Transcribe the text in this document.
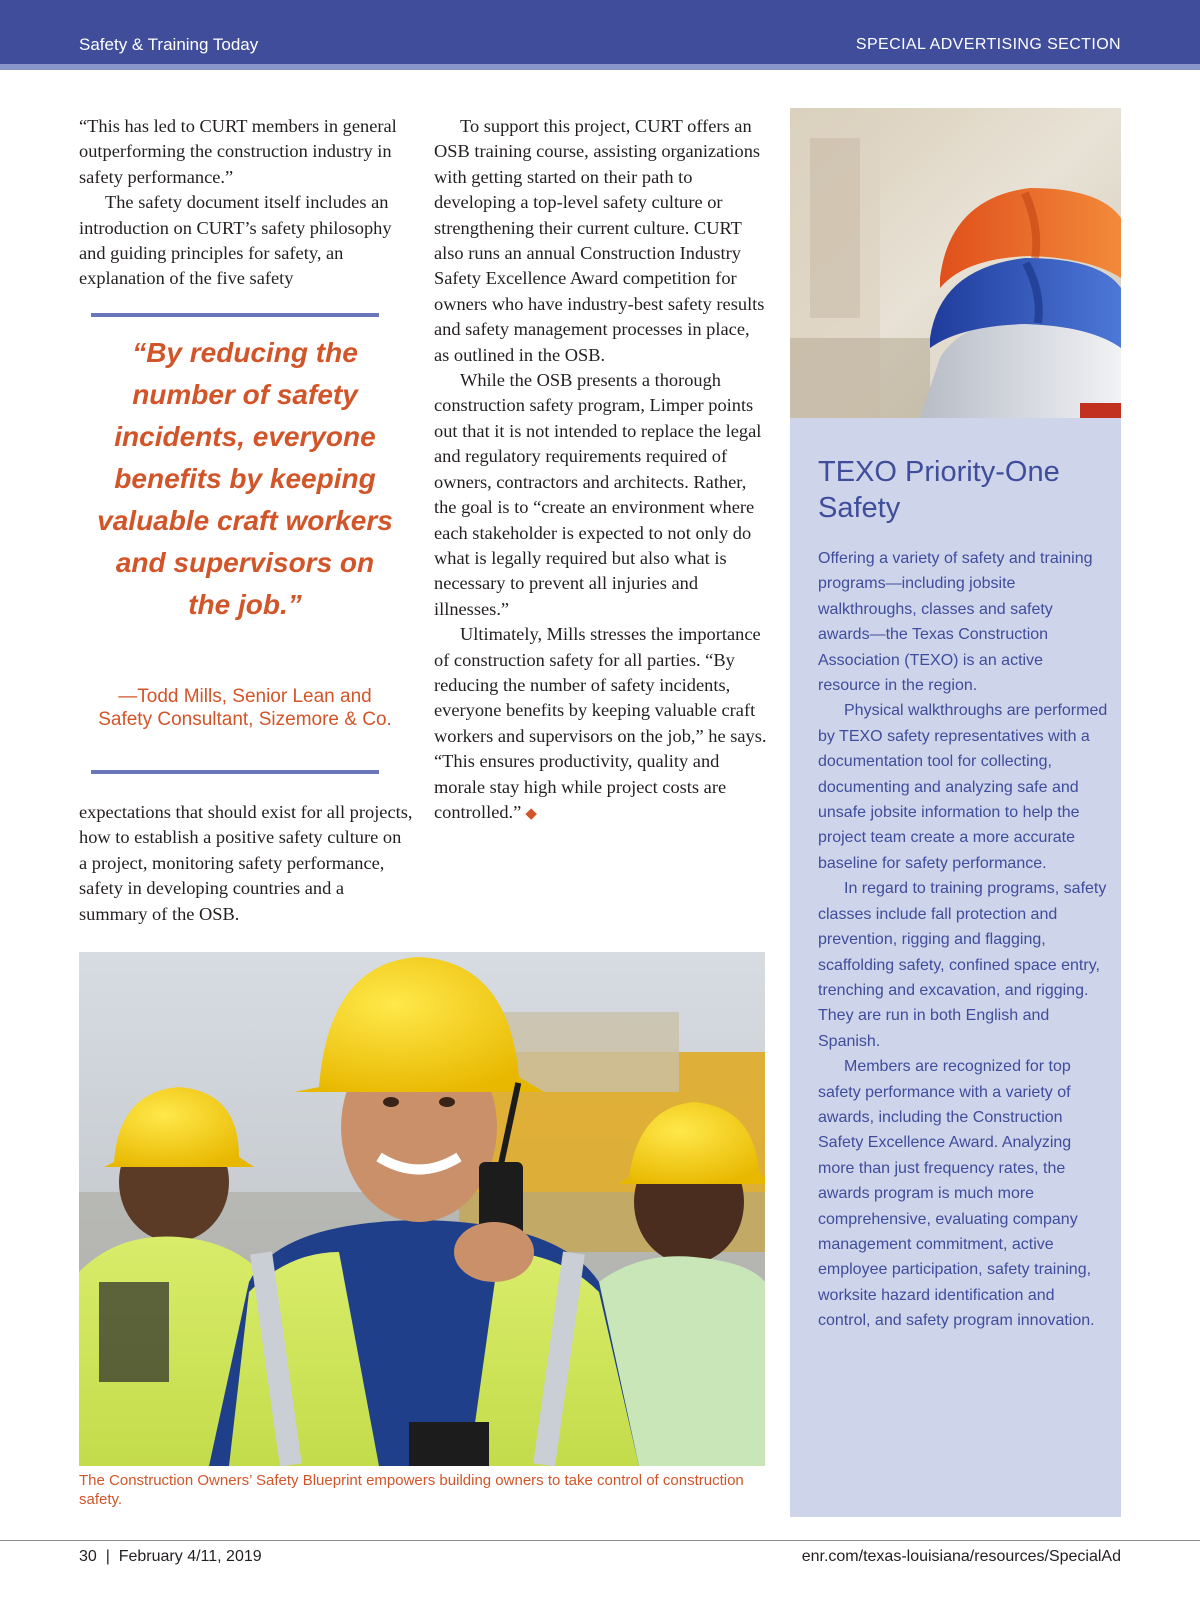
Safety & Training Today	SPECIAL ADVERTISING SECTION

“This has led to CURT members in general outperforming the construction industry in safety performance.”

The safety document itself includes an introduction on CURT’s safety philosophy and guiding principles for safety, an explanation of the five safety

“By reducing the number of safety incidents, everyone benefits by keeping valuable craft workers and supervisors on the job.”
—Todd Mills, Senior Lean and Safety Consultant, Sizemore & Co.

expectations that should exist for all projects, how to establish a positive safety culture on a project, monitoring safety performance, safety in developing countries and a summary of the OSB.

To support this project, CURT offers an OSB training course, assisting organizations with getting started on their path to developing a top-level safety culture or strengthening their current culture. CURT also runs an annual Construction Industry Safety Excellence Award competition for owners who have industry-best safety results and safety management processes in place, as outlined in the OSB.

While the OSB presents a thorough construction safety program, Limper points out that it is not intended to replace the legal and regulatory requirements required of owners, contractors and architects. Rather, the goal is to “create an environment where each stakeholder is expected to not only do what is legally required but also what is necessary to prevent all injuries and illnesses.”

Ultimately, Mills stresses the importance of construction safety for all parties. “By reducing the number of safety incidents, everyone benefits by keeping valuable craft workers and supervisors on the job,” he says. “This ensures productivity, quality and morale stay high while project costs are controlled.” ◆

TEXO Priority-One Safety

Offering a variety of safety and training programs—including jobsite walkthroughs, classes and safety awards—the Texas Construction Association (TEXO) is an active resource in the region.

Physical walkthroughs are performed by TEXO safety representatives with a documentation tool for collecting, documenting and analyzing safe and unsafe jobsite information to help the project team create a more accurate baseline for safety performance.

In regard to training programs, safety classes include fall protection and prevention, rigging and flagging, scaffolding safety, confined space entry, trenching and excavation, and rigging. They are run in both English and Spanish.

Members are recognized for top safety performance with a variety of awards, including the Construction Safety Excellence Award. Analyzing more than just frequency rates, the awards program is much more comprehensive, evaluating company management commitment, active employee participation, safety training, worksite hazard identification and control, and safety program innovation.

The Construction Owners’ Safety Blueprint empowers building owners to take control of construction safety.
30  |  February 4/11, 2019	enr.com/texas-louisiana/resources/SpecialAd
